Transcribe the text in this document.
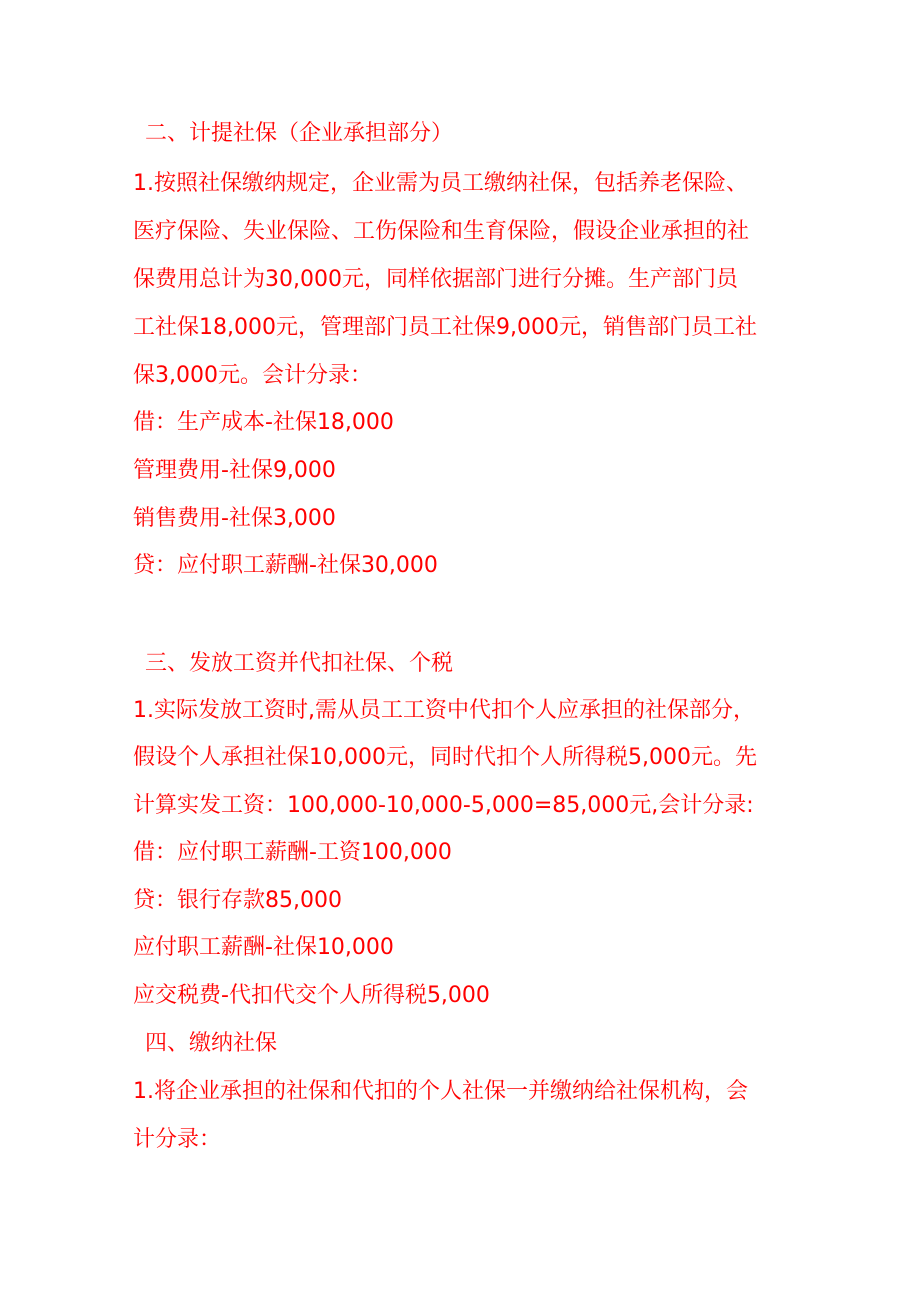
二、计提社保（企业承担部分）
1.按照社保缴纳规定，企业需为员工缴纳社保，包括养老保险、
医疗保险、失业保险、工伤保险和生育保险，假设企业承担的社
保费用总计为30,000元，同样依据部门进行分摊。生产部门员
工社保18,000元，管理部门员工社保9,000元，销售部门员工社
保3,000元。会计分录：
借：生产成本-社保18,000
管理费用-社保9,000
销售费用-社保3,000
贷：应付职工薪酬-社保30,000
三、发放工资并代扣社保、个税
1.实际发放工资时,需从员工工资中代扣个人应承担的社保部分，
假设个人承担社保10,000元，同时代扣个人所得税5,000元。先
计算实发工资：100,000-10,000-5,000=85,000元,会计分录:
借：应付职工薪酬-工资100,000
贷：银行存款85,000
应付职工薪酬-社保10,000
应交税费-代扣代交个人所得税5,000
四、缴纳社保
1.将企业承担的社保和代扣的个人社保一并缴纳给社保机构，会
计分录：
